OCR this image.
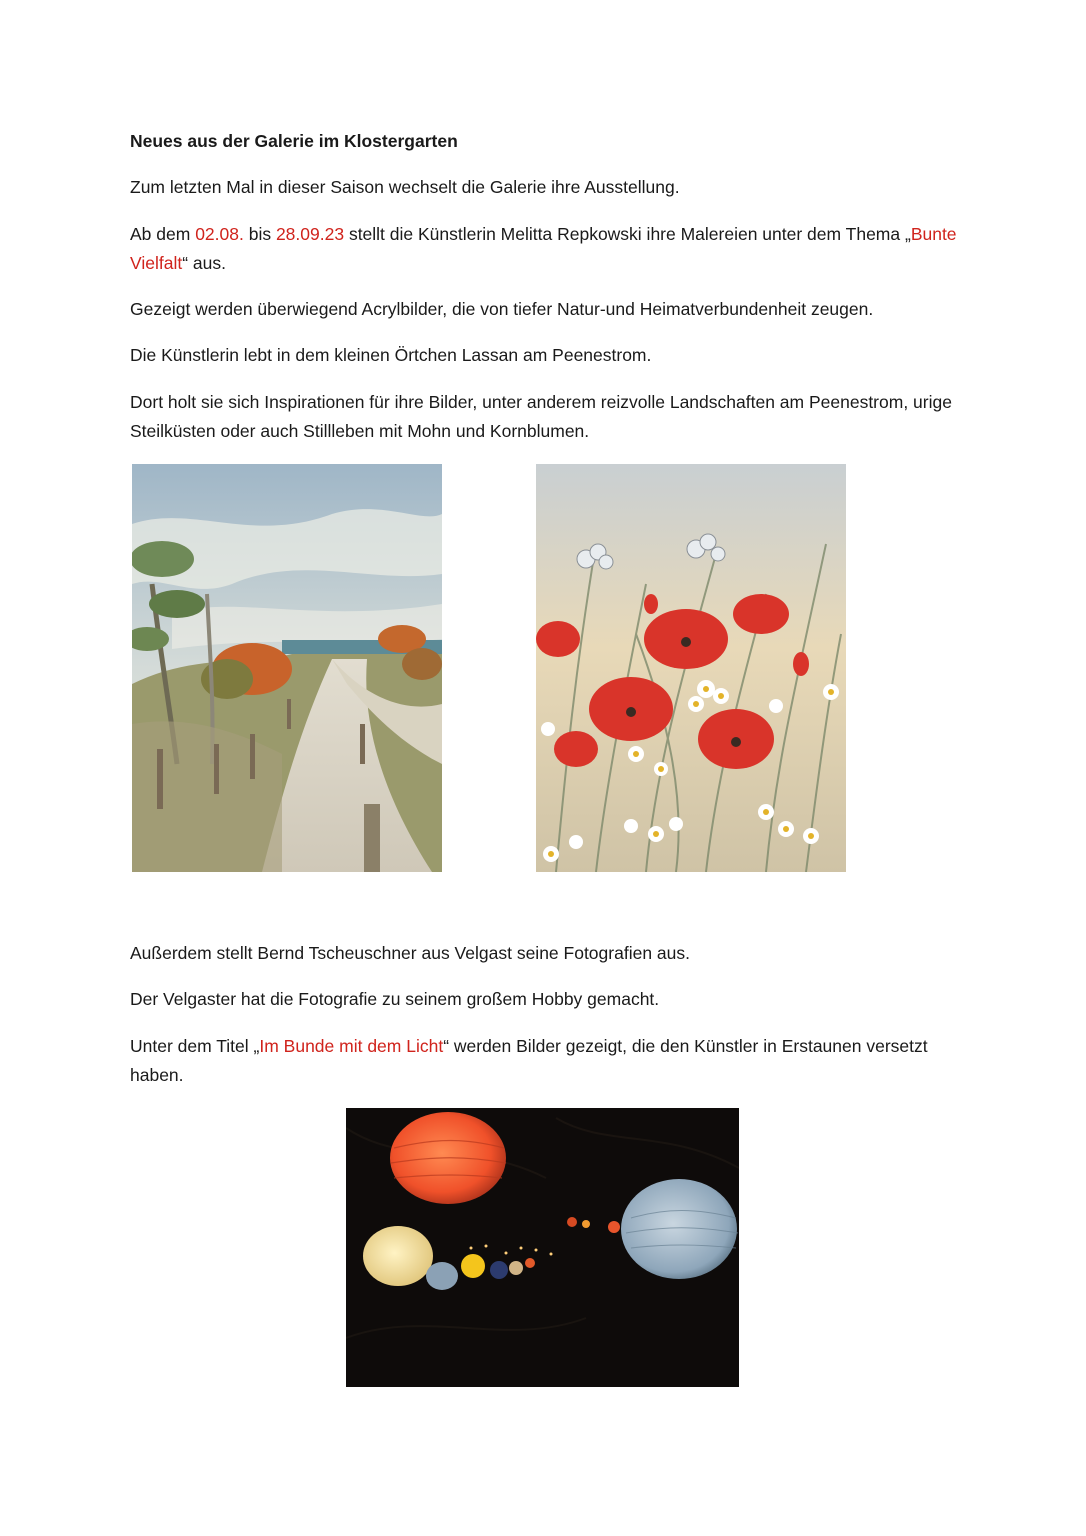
Neues aus der Galerie im Klostergarten

Zum letzten Mal in dieser Saison wechselt die Galerie ihre Ausstellung.

Ab dem 02.08. bis 28.09.23 stellt die Künstlerin Melitta Repkowski ihre Malereien unter dem Thema „Bunte Vielfalt“ aus.

Gezeigt werden überwiegend Acrylbilder, die von tiefer Natur-und Heimatverbundenheit zeugen.

Die Künstlerin lebt in dem kleinen Örtchen Lassan am Peenestrom.

Dort holt sie sich Inspirationen für ihre Bilder, unter anderem reizvolle Landschaften am Peenestrom, urige Steilküsten oder auch Stillleben mit Mohn und Kornblumen.

Außerdem stellt Bernd Tscheuschner aus Velgast seine Fotografien aus.

Der Velgaster hat die Fotografie zu seinem großem Hobby gemacht.

Unter dem Titel „Im Bunde mit dem Licht“ werden Bilder gezeigt, die den Künstler in Erstaunen versetzt haben.
